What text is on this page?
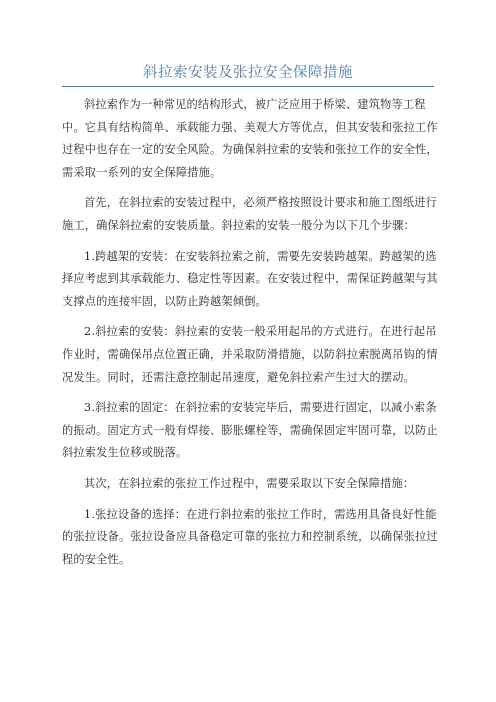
斜拉索安装及张拉安全保障措施

斜拉索作为一种常见的结构形式，被广泛应用于桥梁、建筑物等工程中。它具有结构简单、承载能力强、美观大方等优点，但其安装和张拉工作过程中也存在一定的安全风险。为确保斜拉索的安装和张拉工作的安全性，需采取一系列的安全保障措施。

首先，在斜拉索的安装过程中，必须严格按照设计要求和施工图纸进行施工，确保斜拉索的安装质量。斜拉索的安装一般分为以下几个步骤：

1.跨越架的安装：在安装斜拉索之前，需要先安装跨越架。跨越架的选择应考虑到其承载能力、稳定性等因素。在安装过程中，需保证跨越架与其支撑点的连接牢固，以防止跨越架倾倒。

2.斜拉索的安装：斜拉索的安装一般采用起吊的方式进行。在进行起吊作业时，需确保吊点位置正确，并采取防滑措施，以防斜拉索脱离吊钩的情况发生。同时，还需注意控制起吊速度，避免斜拉索产生过大的摆动。

3.斜拉索的固定：在斜拉索的安装完毕后，需要进行固定，以减小索条的振动。固定方式一般有焊接、膨胀螺栓等，需确保固定牢固可靠，以防止斜拉索发生位移或脱落。

其次，在斜拉索的张拉工作过程中，需要采取以下安全保障措施：

1.张拉设备的选择：在进行斜拉索的张拉工作时，需选用具备良好性能的张拉设备。张拉设备应具备稳定可靠的张拉力和控制系统，以确保张拉过程的安全性。
